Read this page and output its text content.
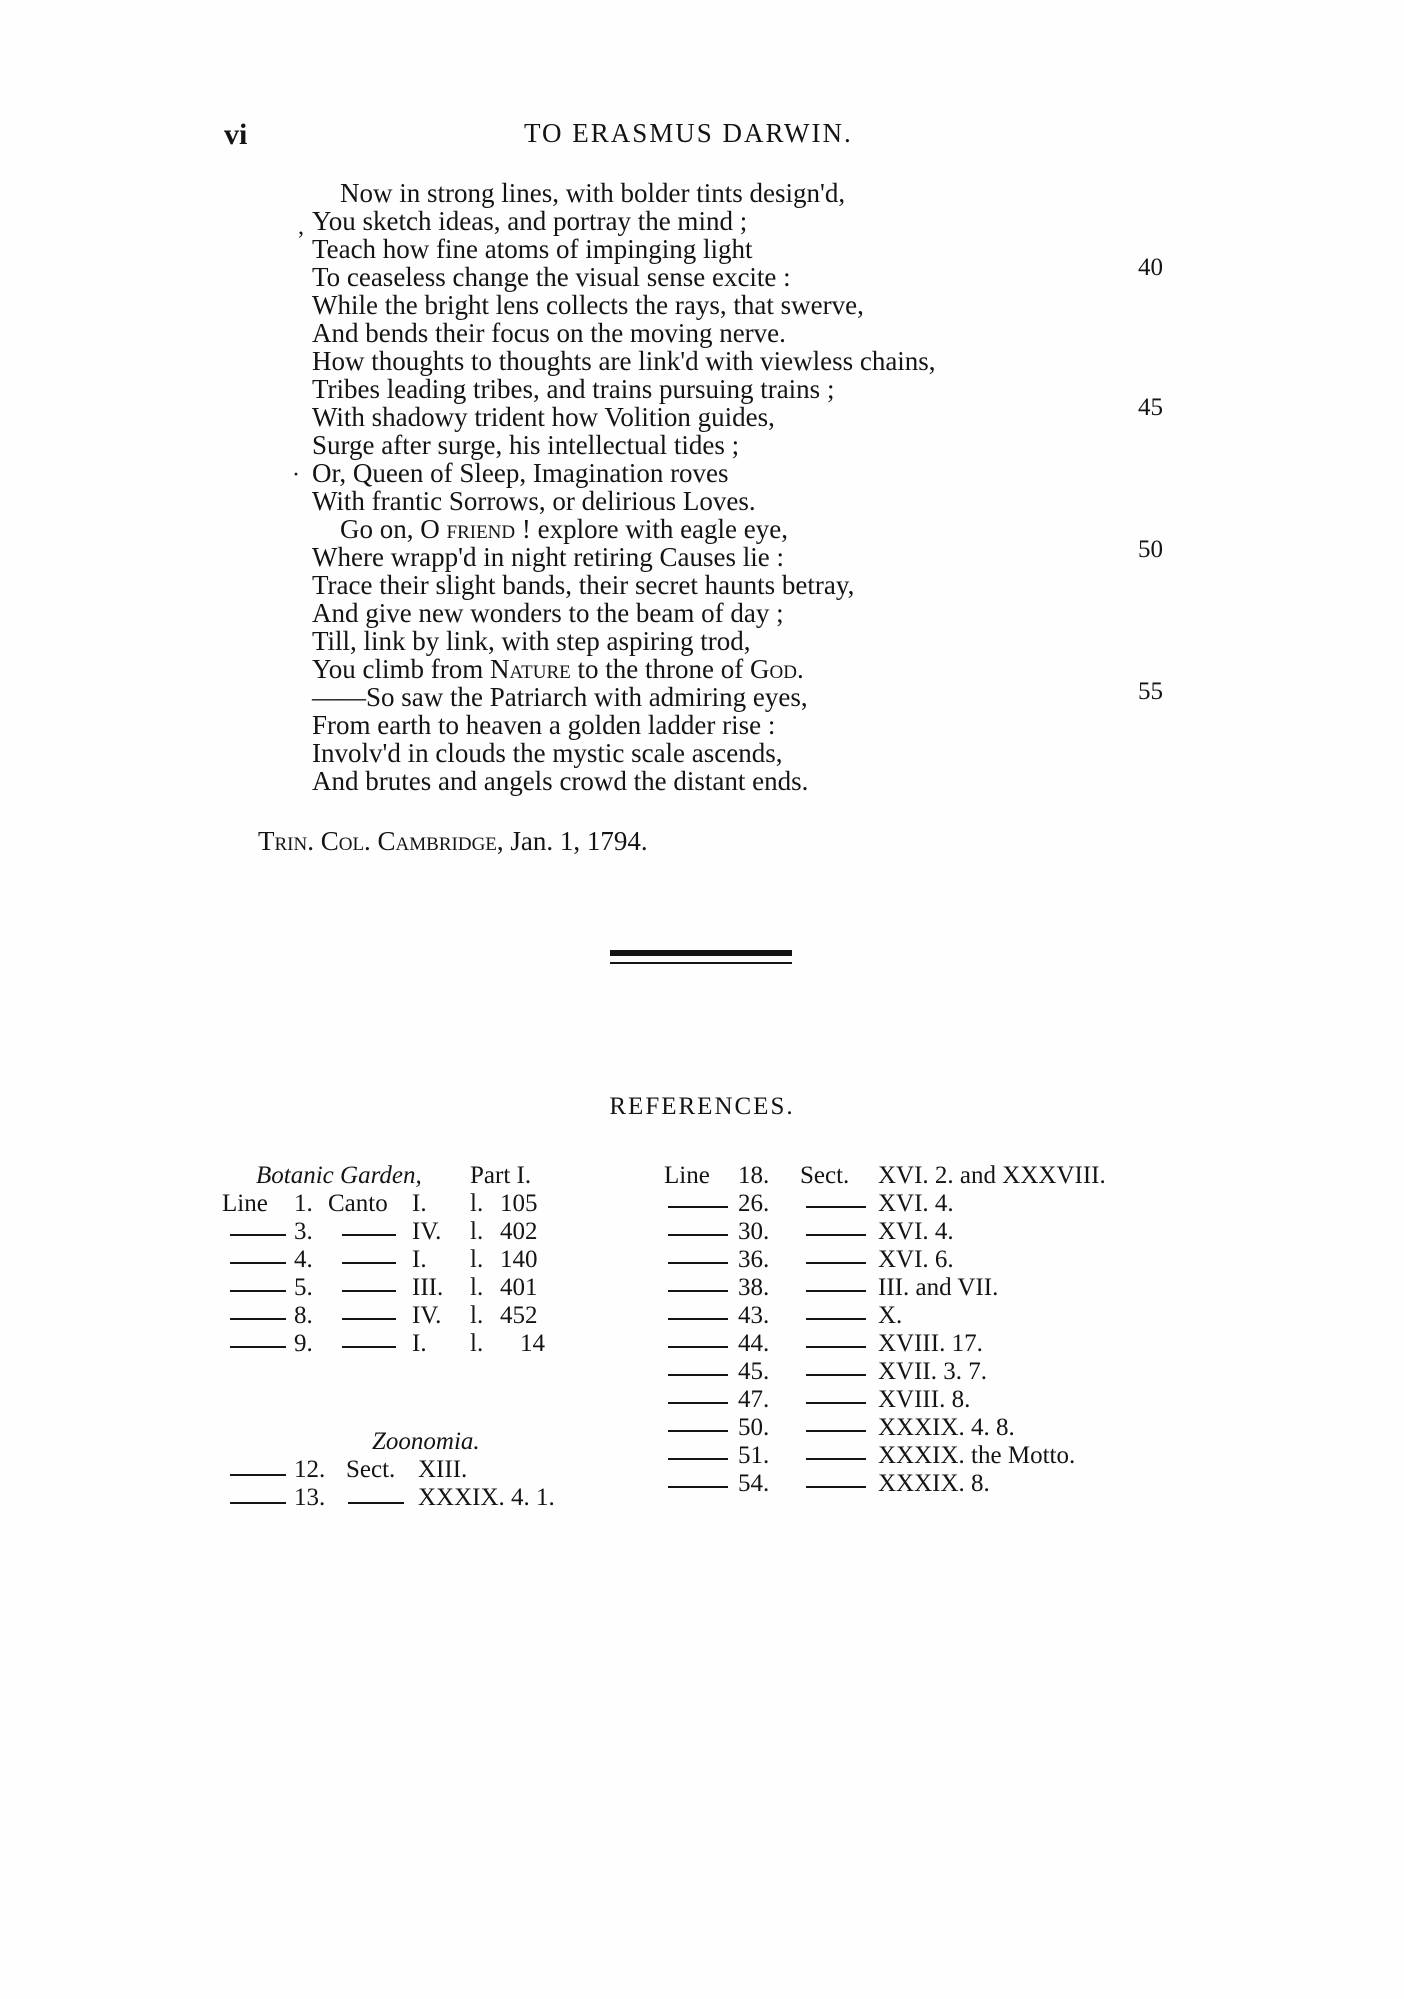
vi	TO ERASMUS DARWIN.
,
·
Now in strong lines, with bolder tints design'd,
You sketch ideas, and portray the mind ;
Teach how fine atoms of impinging light
To ceaseless change the visual sense excite :
While the bright lens collects the rays, that swerve,
And bends their focus on the moving nerve.
How thoughts to thoughts are link'd with viewless chains,
Tribes leading tribes, and trains pursuing trains ;
With shadowy trident how Volition guides,
Surge after surge, his intellectual tides ;
Or, Queen of Sleep, Imagination roves
With frantic Sorrows, or delirious Loves.
Go on, O friend ! explore with eagle eye,
Where wrapp'd in night retiring Causes lie :
Trace their slight bands, their secret haunts betray,
And give new wonders to the beam of day ;
Till, link by link, with step aspiring trod,
You climb from Nature to the throne of God.
——So saw the Patriarch with admiring eyes,
From earth to heaven a golden ladder rise :
Involv'd in clouds the mystic scale ascends,
And brutes and angels crowd the distant ends.
40
45
50
55
Trin. Col. Cambridge, Jan. 1, 1794.
REFERENCES.
Botanic Garden, Part I.
Line 1. Canto I. l. 105
3.	IV. l. 402
4.	I. l. 140
5.	III. l. 401
8.	IV. l. 452
9.	I. l. 14
Zoonomia.
12. Sect. XIII.
13.	XXXIX. 4. 1.
Line 18. Sect. XVI. 2. and XXXVIII.
26.	XVI. 4.
30.	XVI. 4.
36.	XVI. 6.
38.	III. and VII.
43.	X.
44.	XVIII. 17.
45.	XVII. 3. 7.
47.	XVIII. 8.
50.	XXXIX. 4. 8.
51.	XXXIX. the Motto.
54.	XXXIX. 8.
